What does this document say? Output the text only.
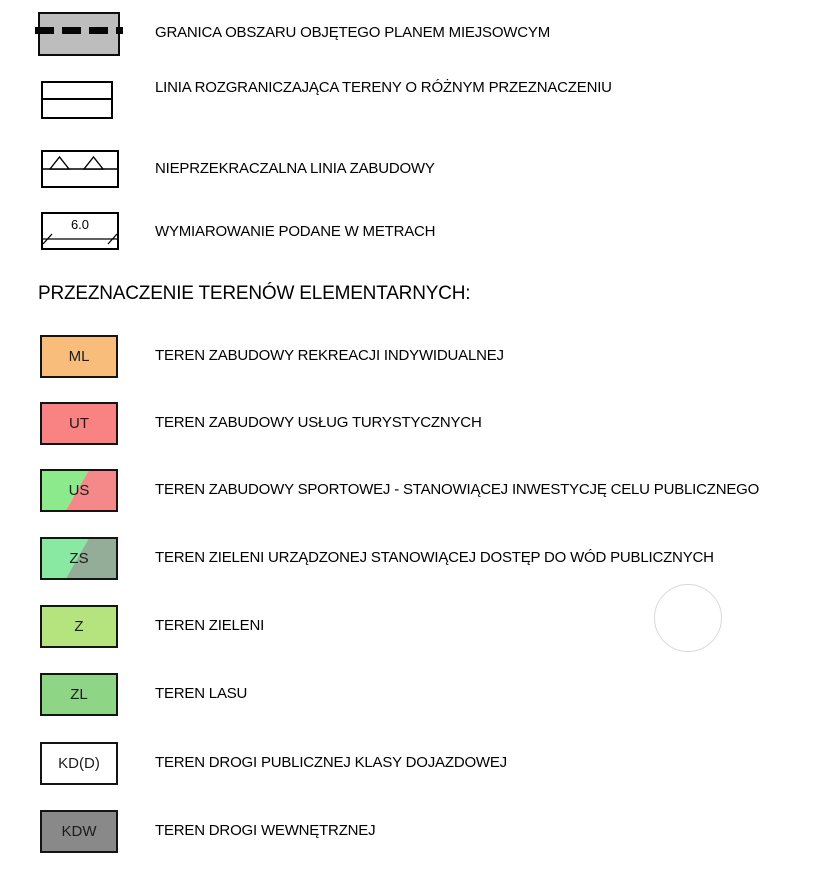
GRANICA OBSZARU OBJĘTEGO PLANEM MIEJSOWCYM
LINIA ROZGRANICZAJĄCA TERENY O RÓŻNYM PRZEZNACZENIU
NIEPRZEKRACZALNA LINIA ZABUDOWY
6.0	WYMIAROWANIE PODANE W METRACH
PRZEZNACZENIE TERENÓW ELEMENTARNYCH:
ML	TEREN ZABUDOWY REKREACJI INDYWIDUALNEJ
UT	TEREN ZABUDOWY USŁUG TURYSTYCZNYCH
US	TEREN ZABUDOWY SPORTOWEJ - STANOWIĄCEJ INWESTYCJĘ CELU PUBLICZNEGO
ZS	TEREN ZIELENI URZĄDZONEJ STANOWIĄCEJ DOSTĘP DO WÓD PUBLICZNYCH
Z	TEREN ZIELENI
ZL	TEREN LASU
KD(D)	TEREN DROGI PUBLICZNEJ KLASY DOJAZDOWEJ
KDW	TEREN DROGI WEWNĘTRZNEJ
